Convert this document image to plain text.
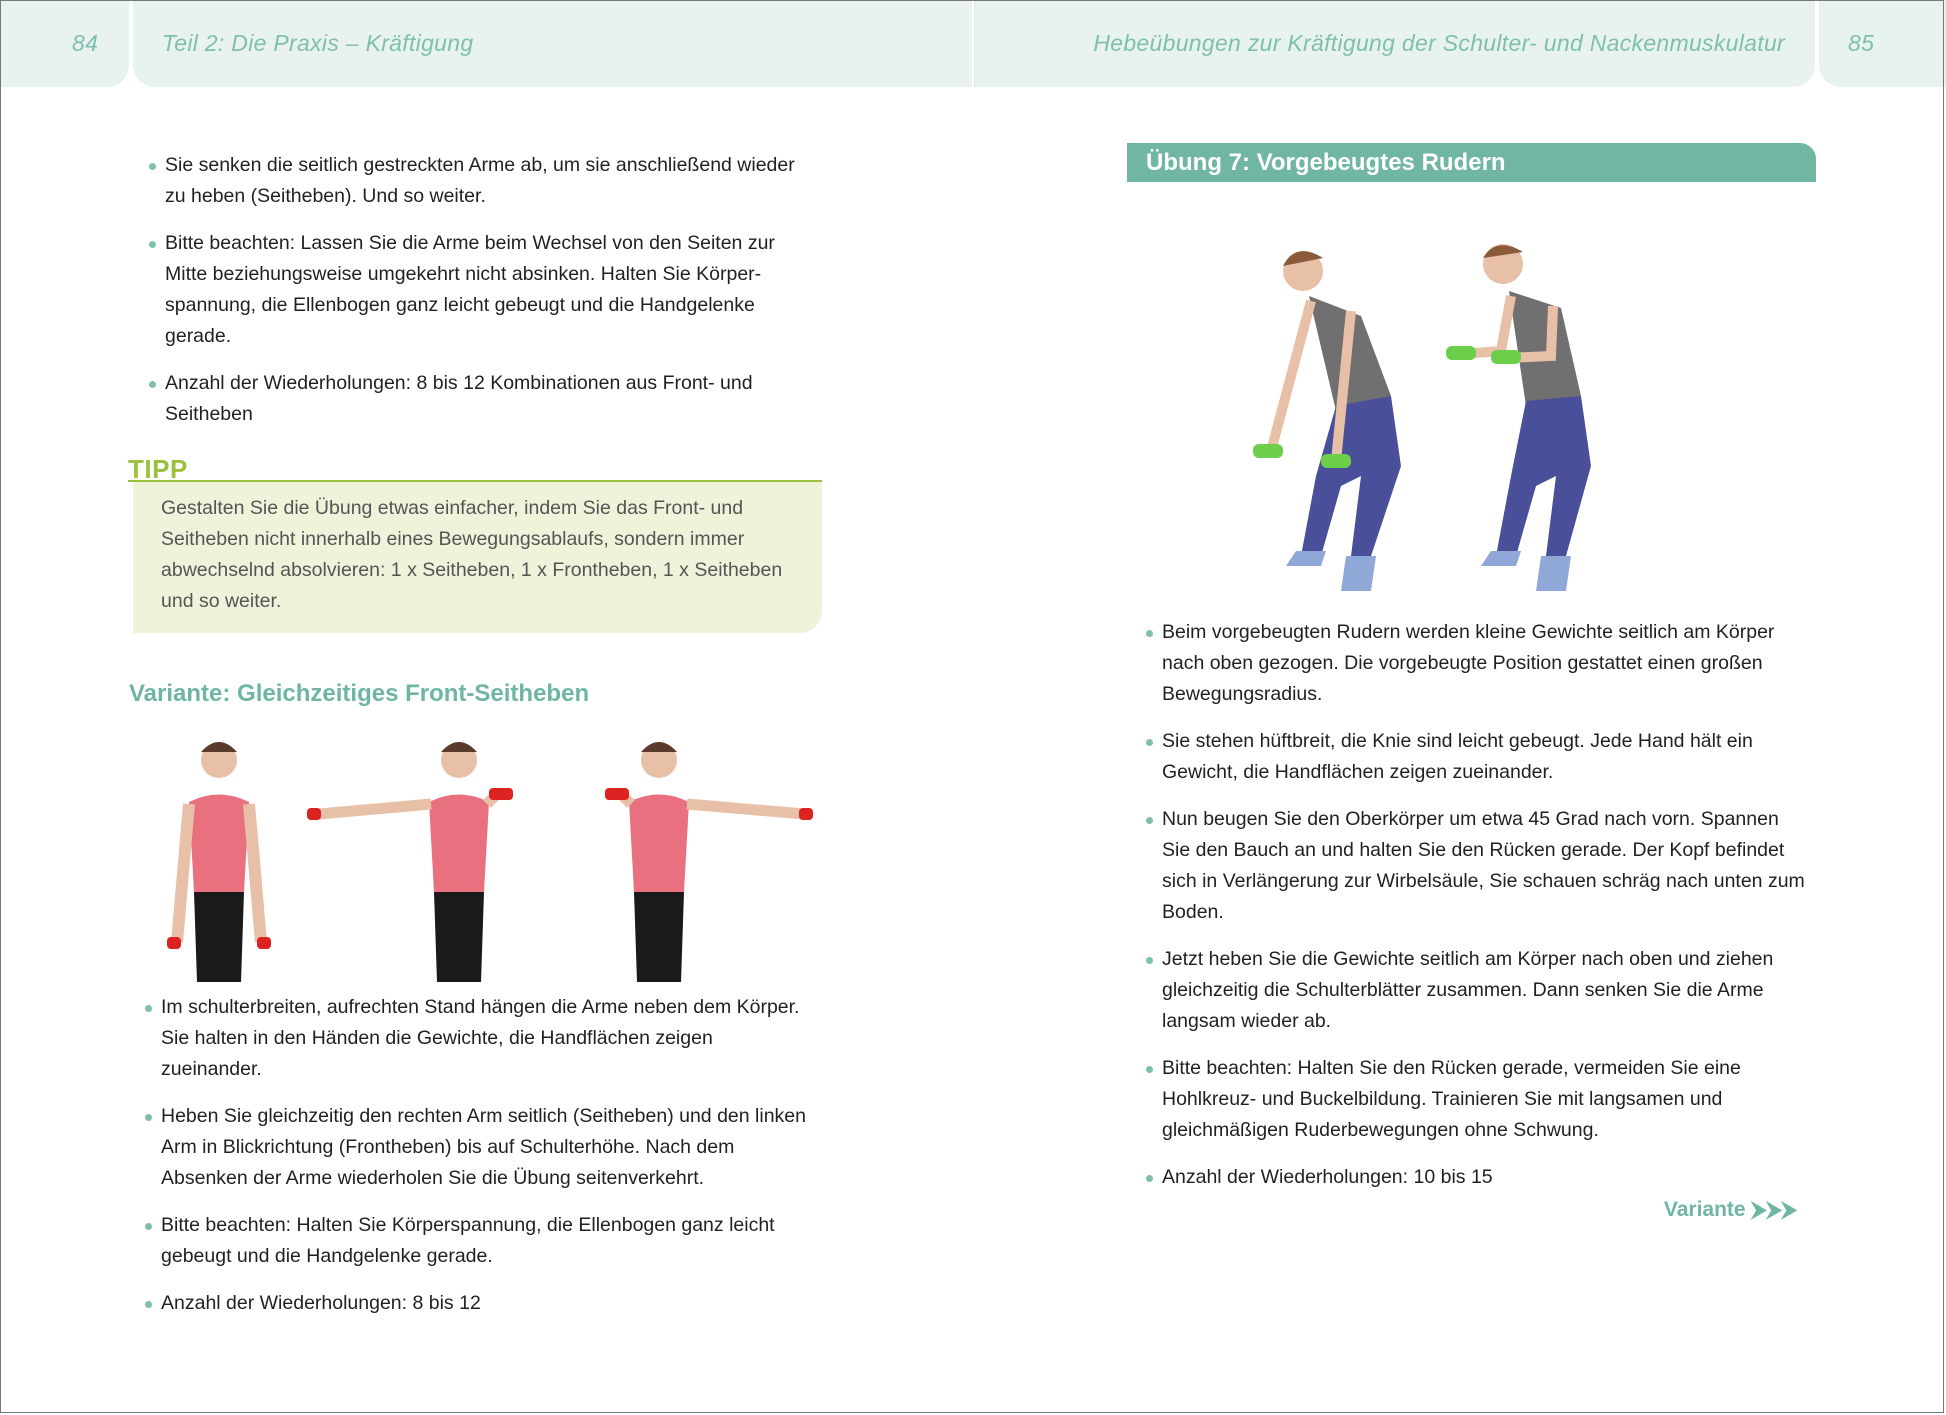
84	Teil 2: Die Praxis – Kräftigung	Hebeübungen zur Kräftigung der Schulter- und Nackenmuskulatur	85
Sie senken die seitlich gestreckten Arme ab, um sie anschließend wieder zu heben (Seitheben). Und so weiter.
Bitte beachten: Lassen Sie die Arme beim Wechsel von den Seiten zur Mitte beziehungsweise umgekehrt nicht absinken. Halten Sie Körperspannung, die Ellenbogen ganz leicht gebeugt und die Handgelenke gerade.
Anzahl der Wiederholungen: 8 bis 12 Kombinationen aus Front- und Seitheben
TIPP
Gestalten Sie die Übung etwas einfacher, indem Sie das Front- und Seitheben nicht innerhalb eines Bewegungsablaufs, sondern immer abwechselnd absolvieren: 1 x Seitheben, 1 x Frontheben, 1 x Seitheben und so weiter.
Variante: Gleichzeitiges Front-Seitheben
Im schulterbreiten, aufrechten Stand hängen die Arme neben dem Körper. Sie halten in den Händen die Gewichte, die Handflächen zeigen zueinander.
Heben Sie gleichzeitig den rechten Arm seitlich (Seitheben) und den linken Arm in Blickrichtung (Frontheben) bis auf Schulterhöhe. Nach dem Absenken der Arme wiederholen Sie die Übung seitenverkehrt.
Bitte beachten: Halten Sie Körperspannung, die Ellenbogen ganz leicht gebeugt und die Handgelenke gerade.
Anzahl der Wiederholungen: 8 bis 12
Übung 7: Vorgebeugtes Rudern
Beim vorgebeugten Rudern werden kleine Gewichte seitlich am Körper nach oben gezogen. Die vorgebeugte Position gestattet einen großen Bewegungsradius.
Sie stehen hüftbreit, die Knie sind leicht gebeugt. Jede Hand hält ein Gewicht, die Handflächen zeigen zueinander.
Nun beugen Sie den Oberkörper um etwa 45 Grad nach vorn. Spannen Sie den Bauch an und halten Sie den Rücken gerade. Der Kopf befindet sich in Verlängerung zur Wirbelsäule, Sie schauen schräg nach unten zum Boden.
Jetzt heben Sie die Gewichte seitlich am Körper nach oben und ziehen gleichzeitig die Schulterblätter zusammen. Dann senken Sie die Arme langsam wieder ab.
Bitte beachten: Halten Sie den Rücken gerade, vermeiden Sie eine Hohlkreuz- und Buckelbildung. Trainieren Sie mit langsamen und gleichmäßigen Ruderbewegungen ohne Schwung.
Anzahl der Wiederholungen: 10 bis 15
Variante ⮞⮞⮞
